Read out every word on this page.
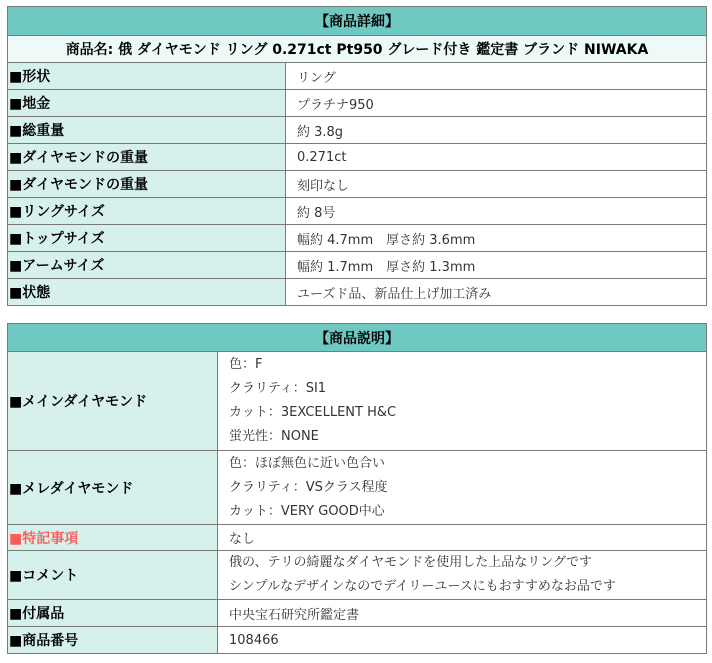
【商品詳細】	
商品名: 俄 ダイヤモンド リング 0.271ct Pt950 グレード付き 鑑定書 ブランド NIWAKA	
■形状	リング
■地金	プラチナ950
■総重量	約 3.8g
■ダイヤモンドの重量	0.271ct
■ダイヤモンドの重量	刻印なし
■リングサイズ	約 8号
■トップサイズ	幅約 4.7mm　厚さ約 3.6mm
■アームサイズ	幅約 1.7mm　厚さ約 1.3mm
■状態	ユーズド品、新品仕上げ加工済み
【商品説明】	
■メインダイヤモンド	色：F
クラリティ：SI1
カット：3EXCELLENT H&C
蛍光性：NONE

■メレダイヤモンド	色：ほぼ無色に近い色合い
クラリティ：VSクラス程度
カット：VERY GOOD中心

■特記事項	なし
■コメント	俄の、テリの綺麗なダイヤモンドを使用した上品なリングです
シンプルなデザインなのでデイリーユースにもおすすめなお品です

■付属品	中央宝石研究所鑑定書
■商品番号	108466
